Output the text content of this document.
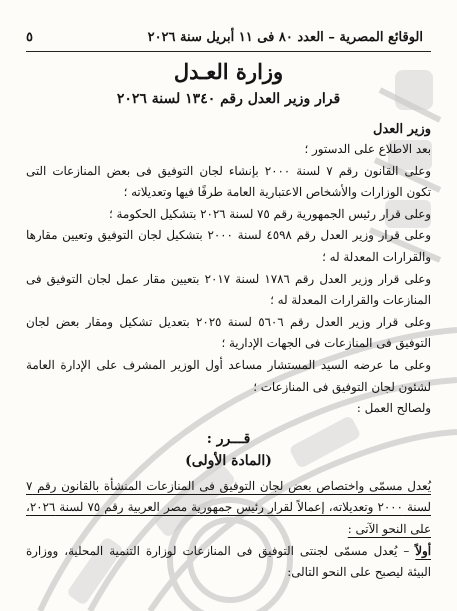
الوقائع المصرية – العدد ٨٠ فى ١١ أبريل سنة ٢٠٢٦
٥
وزارة العـدل
قرار وزير العدل رقم ١٣٤٠ لسنة ٢٠٢٦
وزير العدل

بعد الاطلاع على الدستور ؛

وعلى القانون رقم ٧ لسنة ٢٠٠٠ بإنشاء لجان التوفيق فى بعض المنازعات التى تكون الوزارات والأشخاص الاعتبارية العامة طرفًا فيها وتعديلاته ؛

وعلى قرار رئيس الجمهورية رقم ٧٥ لسنة ٢٠٢٦ بتشكيل الحكومة ؛

وعلى قرار وزير العدل رقم ٤٥٩٨ لسنة ٢٠٠٠ بتشكيل لجان التوفيق وتعيين مقارها والقرارات المعدلة له ؛

وعلى قرار وزير العدل رقم ١٧٨٦ لسنة ٢٠١٧ بتعيين مقار عمل لجان التوفيق فى المنازعات والقرارات المعدلة له ؛

وعلى قرار وزير العدل رقم ٥٦٠٦ لسنة ٢٠٢٥ بتعديل تشكيل ومقار بعض لجان التوفيق فى المنازعات فى الجهات الإدارية ؛

وعلى ما عرضه السيد المستشار مساعد أول الوزير المشرف على الإدارة العامة لشئون لجان التوفيق فى المنازعات ؛

ولصالح العمل :

قـــرر :
(المادة الأولى)

يُعدل مسمّى واختصاص بعض لجان التوفيق فى المنازعات المنشأة بالقانون رقم ٧ لسنة ٢٠٠٠ وتعديلاته، إعمالاً لقرار رئيس جمهورية مصر العربية رقم ٧٥ لسنة ٢٠٢٦، على النحو الآتى :

أولاً – يُعدل مسمّى لجنتى التوفيق فى المنازعات لوزارة التنمية المحلية، ووزارة البيئة ليصبح على النحو التالى:
